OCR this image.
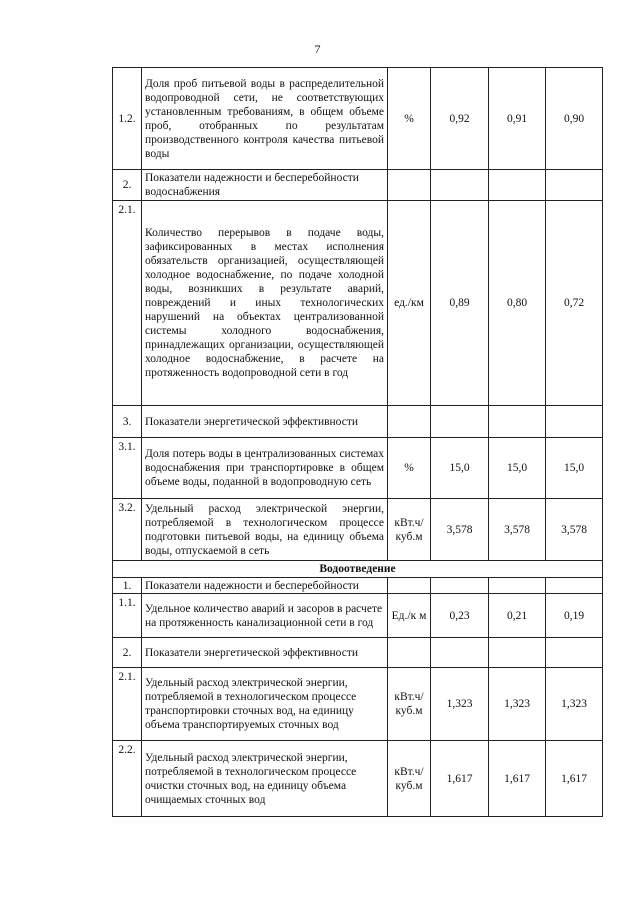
7
1.2.	Доля проб питьевой воды в распределительной водопроводной сети, не соответствующих установленным требованиям, в общем объеме проб, отобранных по результатам производственного контроля качества питьевой воды	%	0,92	0,91	0,90
2.	Показатели надежности и бесперебойности водоснабжения				
2.1.	Количество перерывов в подаче воды, зафиксированных в местах исполнения обязательств организацией, осуществляющей холодное водоснабжение, по подаче холодной воды, возникших в результате аварий, повреждений и иных технологических нарушений на объектах централизованной системы холодного водоснабжения, принадлежащих организации, осуществляющей холодное водоснабжение, в расчете на протяженность водопроводной сети в год	ед./км	0,89	0,80	0,72
3.	Показатели энергетической эффективности				
3.1.	Доля потерь воды в централизованных системах водоснабжения при транспортировке в общем объеме воды, поданной в водопроводную сеть	%	15,0	15,0	15,0
3.2.	Удельный расход электрической энергии, потребляемой в технологическом процессе подготовки питьевой воды, на единицу объема воды, отпускаемой в сеть	кВт.ч/ куб.м	3,578	3,578	3,578
Водоотведение					
1.	Показатели надежности и бесперебойности				
1.1.	Удельное количество аварий и засоров в расчете на протяженность канализационной сети в год	Ед./к м	0,23	0,21	0,19
2.	Показатели энергетической эффективности				
2.1.	Удельный расход электрической энергии, потребляемой в технологическом процессе транспортировки сточных вод, на единицу объема транспортируемых сточных вод	кВт.ч/ куб.м	1,323	1,323	1,323
2.2.	Удельный расход электрической энергии, потребляемой в технологическом процессе очистки сточных вод, на единицу объема очищаемых сточных вод	кВт.ч/ куб.м	1,617	1,617	1,617
